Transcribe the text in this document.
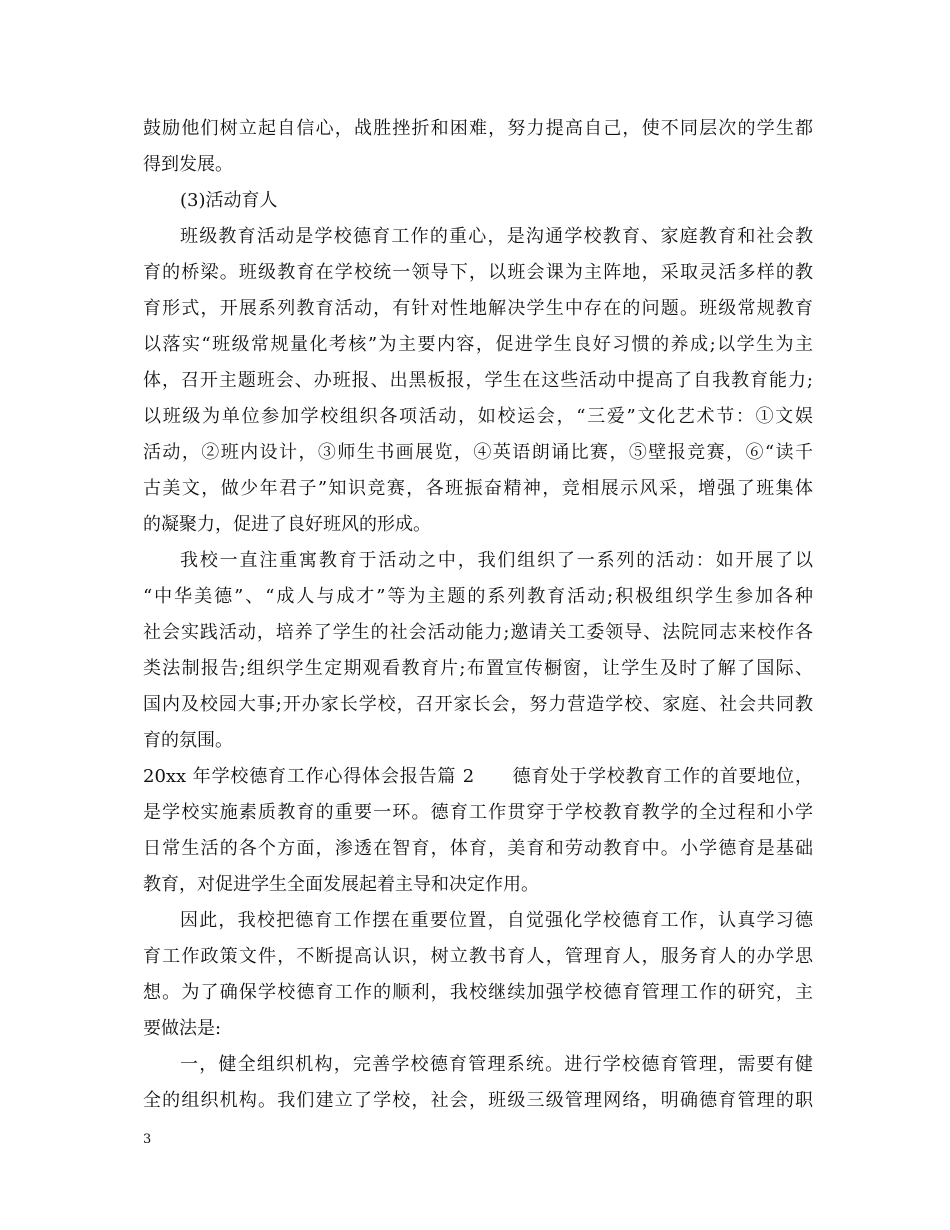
鼓励他们树立起自信心，战胜挫折和困难，努力提高自己，使不同层次的学生都
得到发展。
(3)活动育人
班级教育活动是学校德育工作的重心，是沟通学校教育、家庭教育和社会教
育的桥梁。班级教育在学校统一领导下，以班会课为主阵地，采取灵活多样的教
育形式，开展系列教育活动，有针对性地解决学生中存在的问题。班级常规教育
以落实“班级常规量化考核”为主要内容，促进学生良好习惯的养成;以学生为主
体，召开主题班会、办班报、出黑板报，学生在这些活动中提高了自我教育能力;
以班级为单位参加学校组织各项活动，如校运会，“三爱”文化艺术节：①文娱
活动，②班内设计，③师生书画展览，④英语朗诵比赛，⑤壁报竞赛，⑥“读千
古美文，做少年君子”知识竞赛，各班振奋精神，竞相展示风采，增强了班集体
的凝聚力，促进了良好班风的形成。
我校一直注重寓教育于活动之中，我们组织了一系列的活动：如开展了以
“中华美德”、“成人与成才”等为主题的系列教育活动;积极组织学生参加各种
社会实践活动，培养了学生的社会活动能力;邀请关工委领导、法院同志来校作各
类法制报告;组织学生定期观看教育片;布置宣传橱窗，让学生及时了解了国际、
国内及校园大事;开办家长学校，召开家长会，努力营造学校、家庭、社会共同教
育的氛围。
20xx 年学校德育工作心得体会报告篇 2　　德育处于学校教育工作的首要地位，
是学校实施素质教育的重要一环。德育工作贯穿于学校教育教学的全过程和小学
日常生活的各个方面，渗透在智育，体育，美育和劳动教育中。小学德育是基础
教育，对促进学生全面发展起着主导和决定作用。
因此，我校把德育工作摆在重要位置，自觉强化学校德育工作，认真学习德
育工作政策文件，不断提高认识，树立教书育人，管理育人，服务育人的办学思
想。为了确保学校德育工作的顺利，我校继续加强学校德育管理工作的研究，主
要做法是:
一，健全组织机构，完善学校德育管理系统。进行学校德育管理，需要有健
全的组织机构。我们建立了学校，社会，班级三级管理网络，明确德育管理的职
3
